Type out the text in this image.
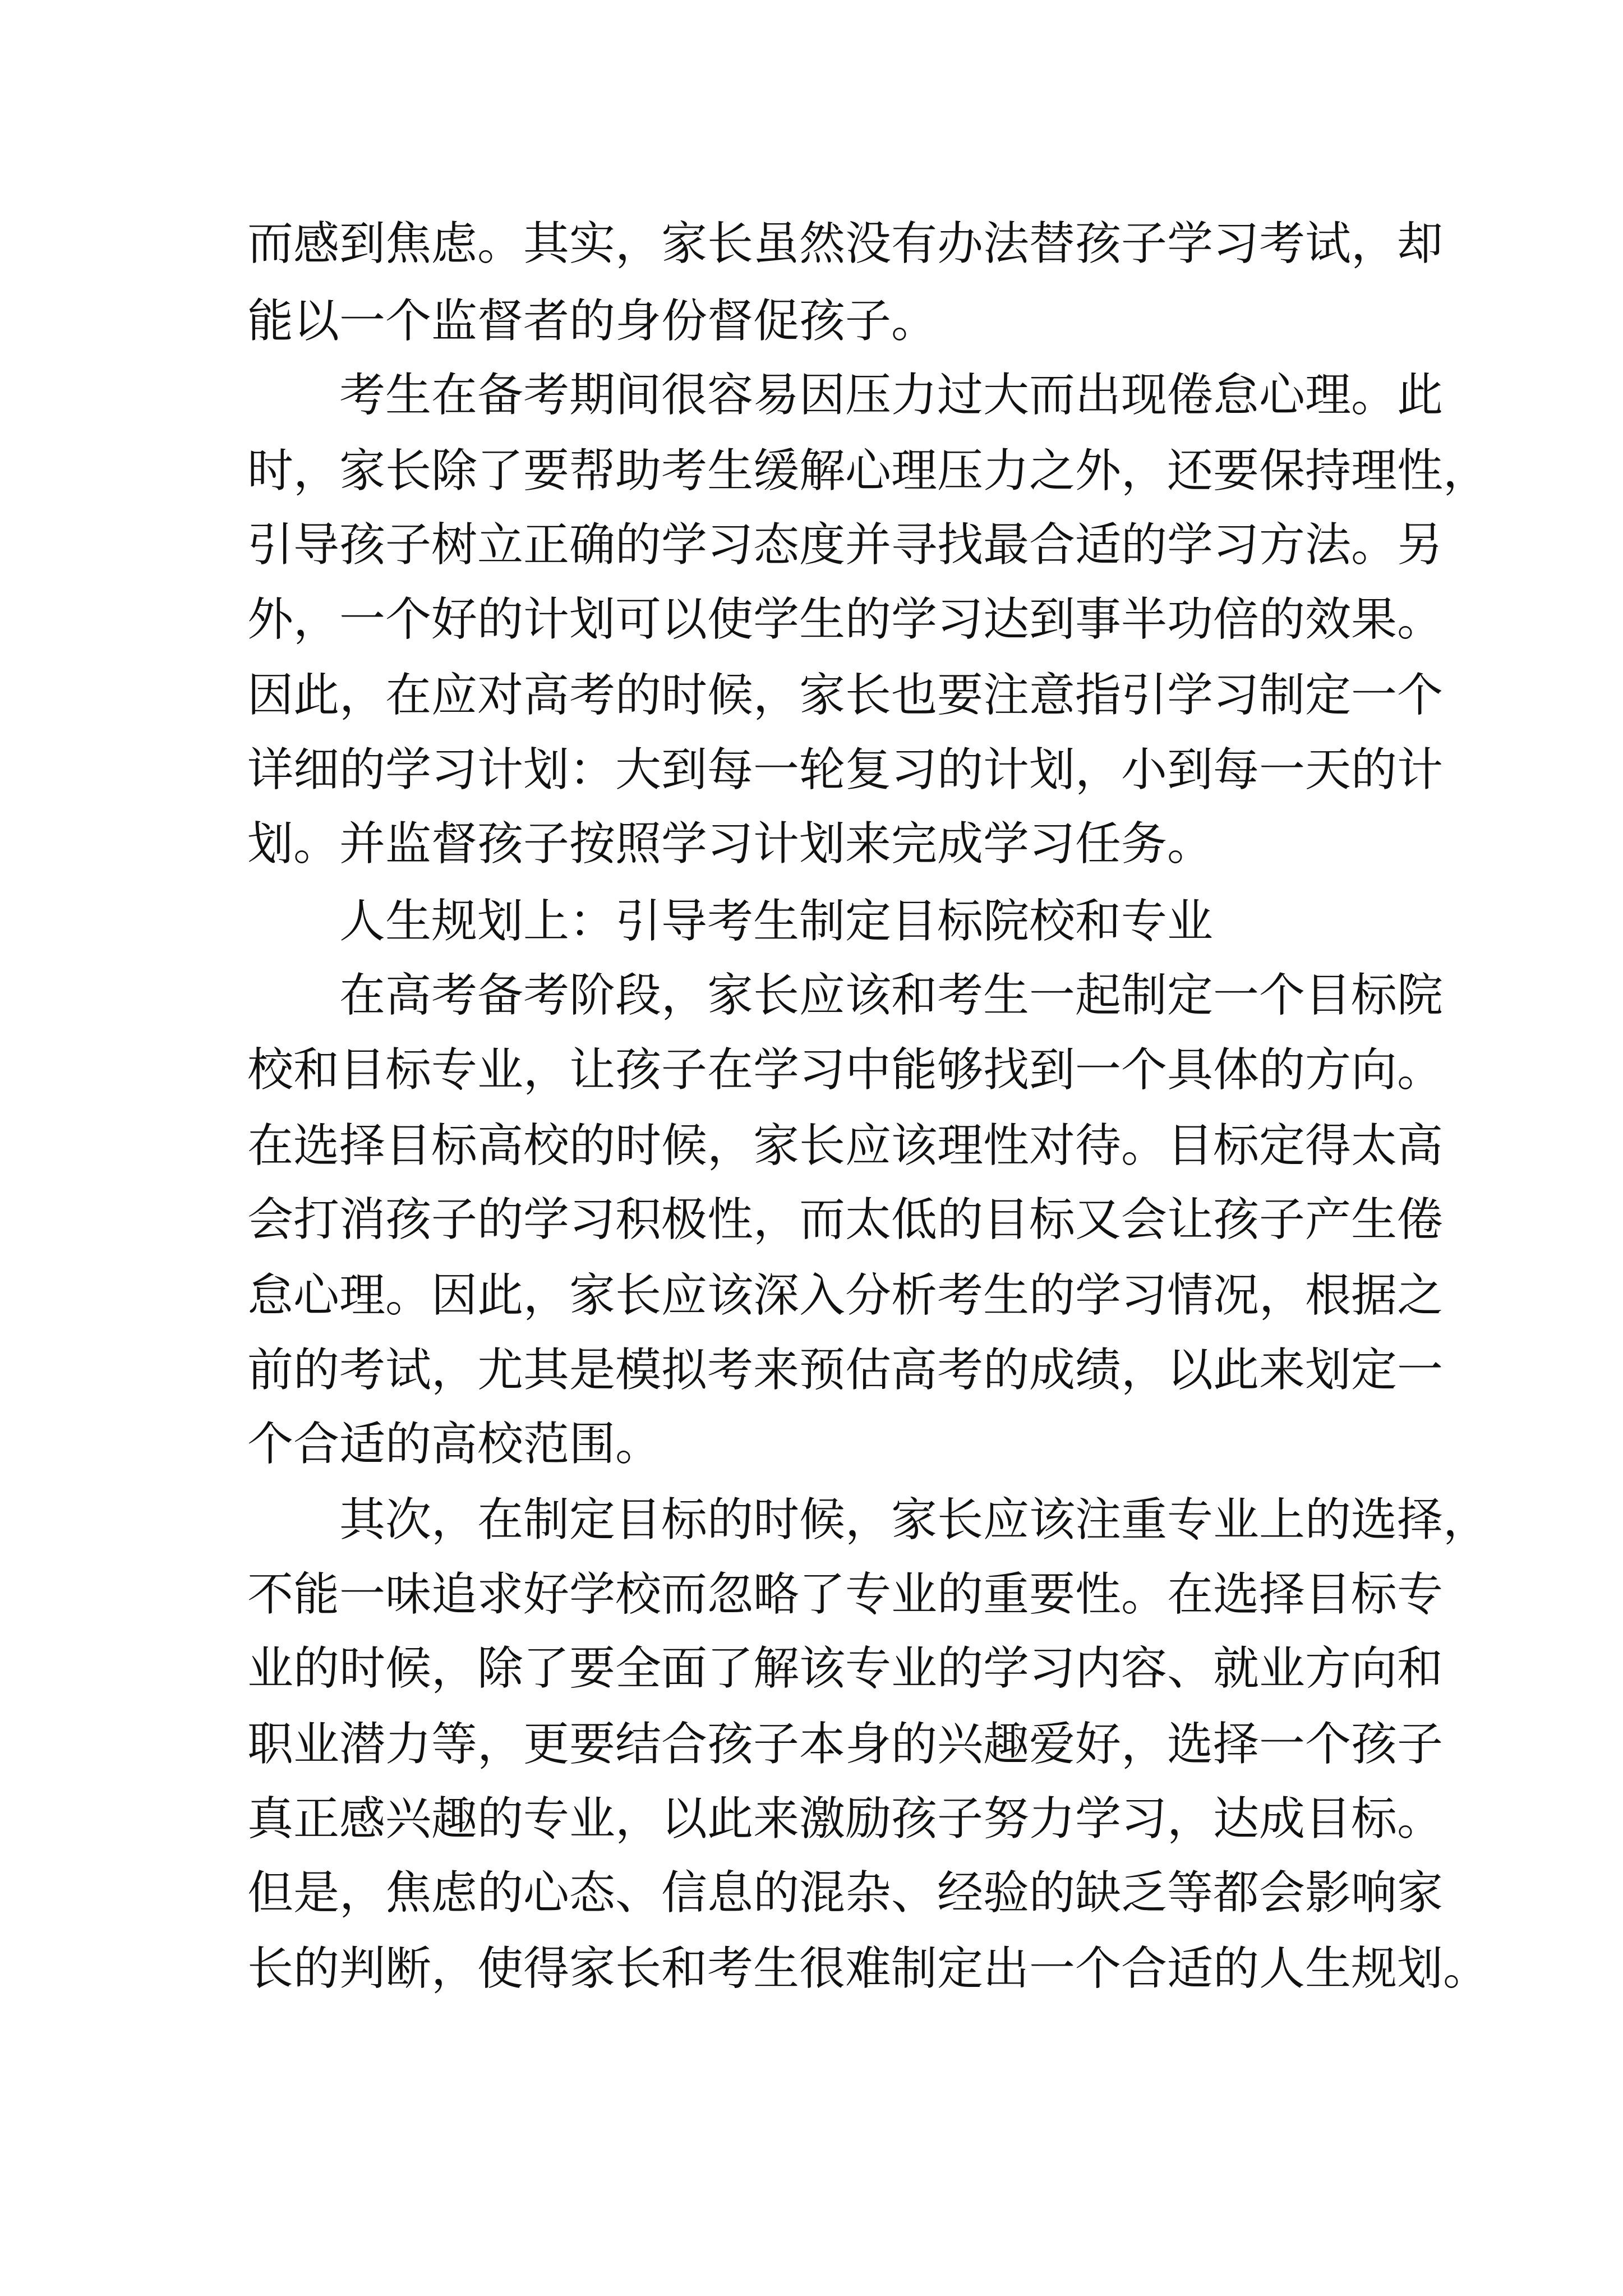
而感到焦虑。其实，家长虽然没有办法替孩子学习考试，却

能以一个监督者的身份督促孩子。

考生在备考期间很容易因压力过大而出现倦怠心理。此

时，家长除了要帮助考生缓解心理压力之外，还要保持理性，

引导孩子树立正确的学习态度并寻找最合适的学习方法。另

外，一个好的计划可以使学生的学习达到事半功倍的效果。

因此，在应对高考的时候，家长也要注意指引学习制定一个

详细的学习计划：大到每一轮复习的计划，小到每一天的计

划。并监督孩子按照学习计划来完成学习任务。

人生规划上：引导考生制定目标院校和专业

在高考备考阶段，家长应该和考生一起制定一个目标院

校和目标专业，让孩子在学习中能够找到一个具体的方向。

在选择目标高校的时候，家长应该理性对待。目标定得太高

会打消孩子的学习积极性，而太低的目标又会让孩子产生倦

怠心理。因此，家长应该深入分析考生的学习情况，根据之

前的考试，尤其是模拟考来预估高考的成绩，以此来划定一

个合适的高校范围。

其次，在制定目标的时候，家长应该注重专业上的选择，

不能一味追求好学校而忽略了专业的重要性。在选择目标专

业的时候，除了要全面了解该专业的学习内容、就业方向和

职业潜力等，更要结合孩子本身的兴趣爱好，选择一个孩子

真正感兴趣的专业，以此来激励孩子努力学习，达成目标。

但是，焦虑的心态、信息的混杂、经验的缺乏等都会影响家

长的判断，使得家长和考生很难制定出一个合适的人生规划。
